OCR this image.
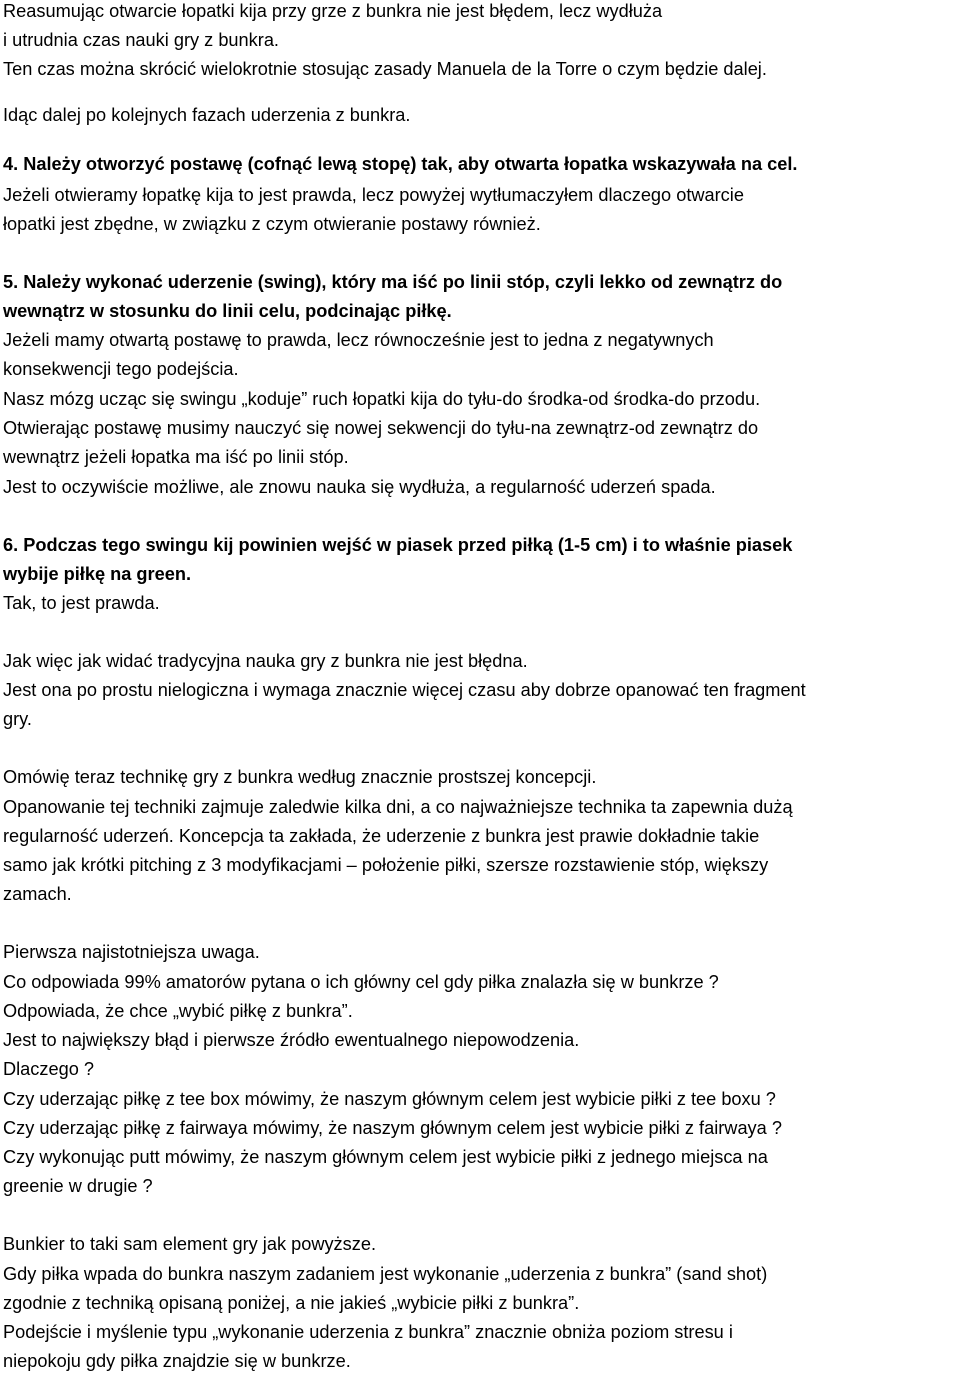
Reasumując otwarcie łopatki kija przy grze z bunkra nie jest błędem, lecz wydłuża
i utrudnia czas nauki gry z bunkra.
Ten czas można skrócić wielokrotnie stosując zasady Manuela de la Torre o czym będzie dalej.
Idąc dalej po kolejnych fazach uderzenia z bunkra.
4. Należy otworzyć postawę (cofnąć lewą stopę) tak, aby otwarta łopatka wskazywała na cel.
Jeżeli otwieramy łopatkę kija to jest prawda, lecz powyżej wytłumaczyłem dlaczego otwarcie
łopatki jest zbędne, w związku z czym otwieranie postawy również.
5. Należy wykonać uderzenie (swing), który ma iść po linii stóp, czyli lekko od zewnątrz do
wewnątrz w stosunku do linii celu, podcinając piłkę.
Jeżeli mamy otwartą postawę to prawda, lecz równocześnie jest to jedna z negatywnych
konsekwencji tego podejścia.
Nasz mózg ucząc się swingu „koduje” ruch łopatki kija do tyłu-do środka-od środka-do przodu.
Otwierając postawę musimy nauczyć się nowej sekwencji do tyłu-na zewnątrz-od zewnątrz do
wewnątrz jeżeli łopatka ma iść po linii stóp.
Jest to oczywiście możliwe, ale znowu nauka się wydłuża, a regularność uderzeń spada.
6. Podczas tego swingu kij powinien wejść w piasek przed piłką (1-5 cm) i to właśnie piasek
wybije piłkę na green.
Tak, to jest prawda.
Jak więc jak widać tradycyjna nauka gry z bunkra nie jest błędna.
Jest ona po prostu nielogiczna i wymaga znacznie więcej czasu aby dobrze opanować ten fragment
gry.
Omówię teraz technikę gry z bunkra według znacznie prostszej koncepcji.
Opanowanie tej techniki zajmuje zaledwie kilka dni, a co najważniejsze technika ta zapewnia dużą
regularność uderzeń. Koncepcja ta zakłada, że uderzenie z bunkra jest prawie dokładnie takie
samo jak krótki pitching z 3 modyfikacjami – położenie piłki, szersze rozstawienie stóp, większy
zamach.
Pierwsza najistotniejsza uwaga.
Co odpowiada 99% amatorów pytana o ich główny cel gdy piłka znalazła się w bunkrze ?
Odpowiada, że chce „wybić piłkę z bunkra”.
Jest to największy błąd i pierwsze źródło ewentualnego niepowodzenia.
Dlaczego ?
Czy uderzając piłkę z tee box mówimy, że naszym głównym celem jest wybicie piłki z tee boxu ?
Czy uderzając piłkę z fairwaya mówimy, że naszym głównym celem jest wybicie piłki z fairwaya ?
Czy wykonując putt mówimy, że naszym głównym celem jest wybicie piłki z jednego miejsca na
greenie w drugie ?
Bunkier to taki sam element gry jak powyższe.
Gdy piłka wpada do bunkra naszym zadaniem jest wykonanie „uderzenia z bunkra” (sand shot)
zgodnie z techniką opisaną poniżej, a nie jakieś „wybicie piłki z bunkra”.
Podejście i myślenie typu „wykonanie uderzenia z bunkra” znacznie obniża poziom stresu i
niepokoju gdy piłka znajdzie się w bunkrze.
